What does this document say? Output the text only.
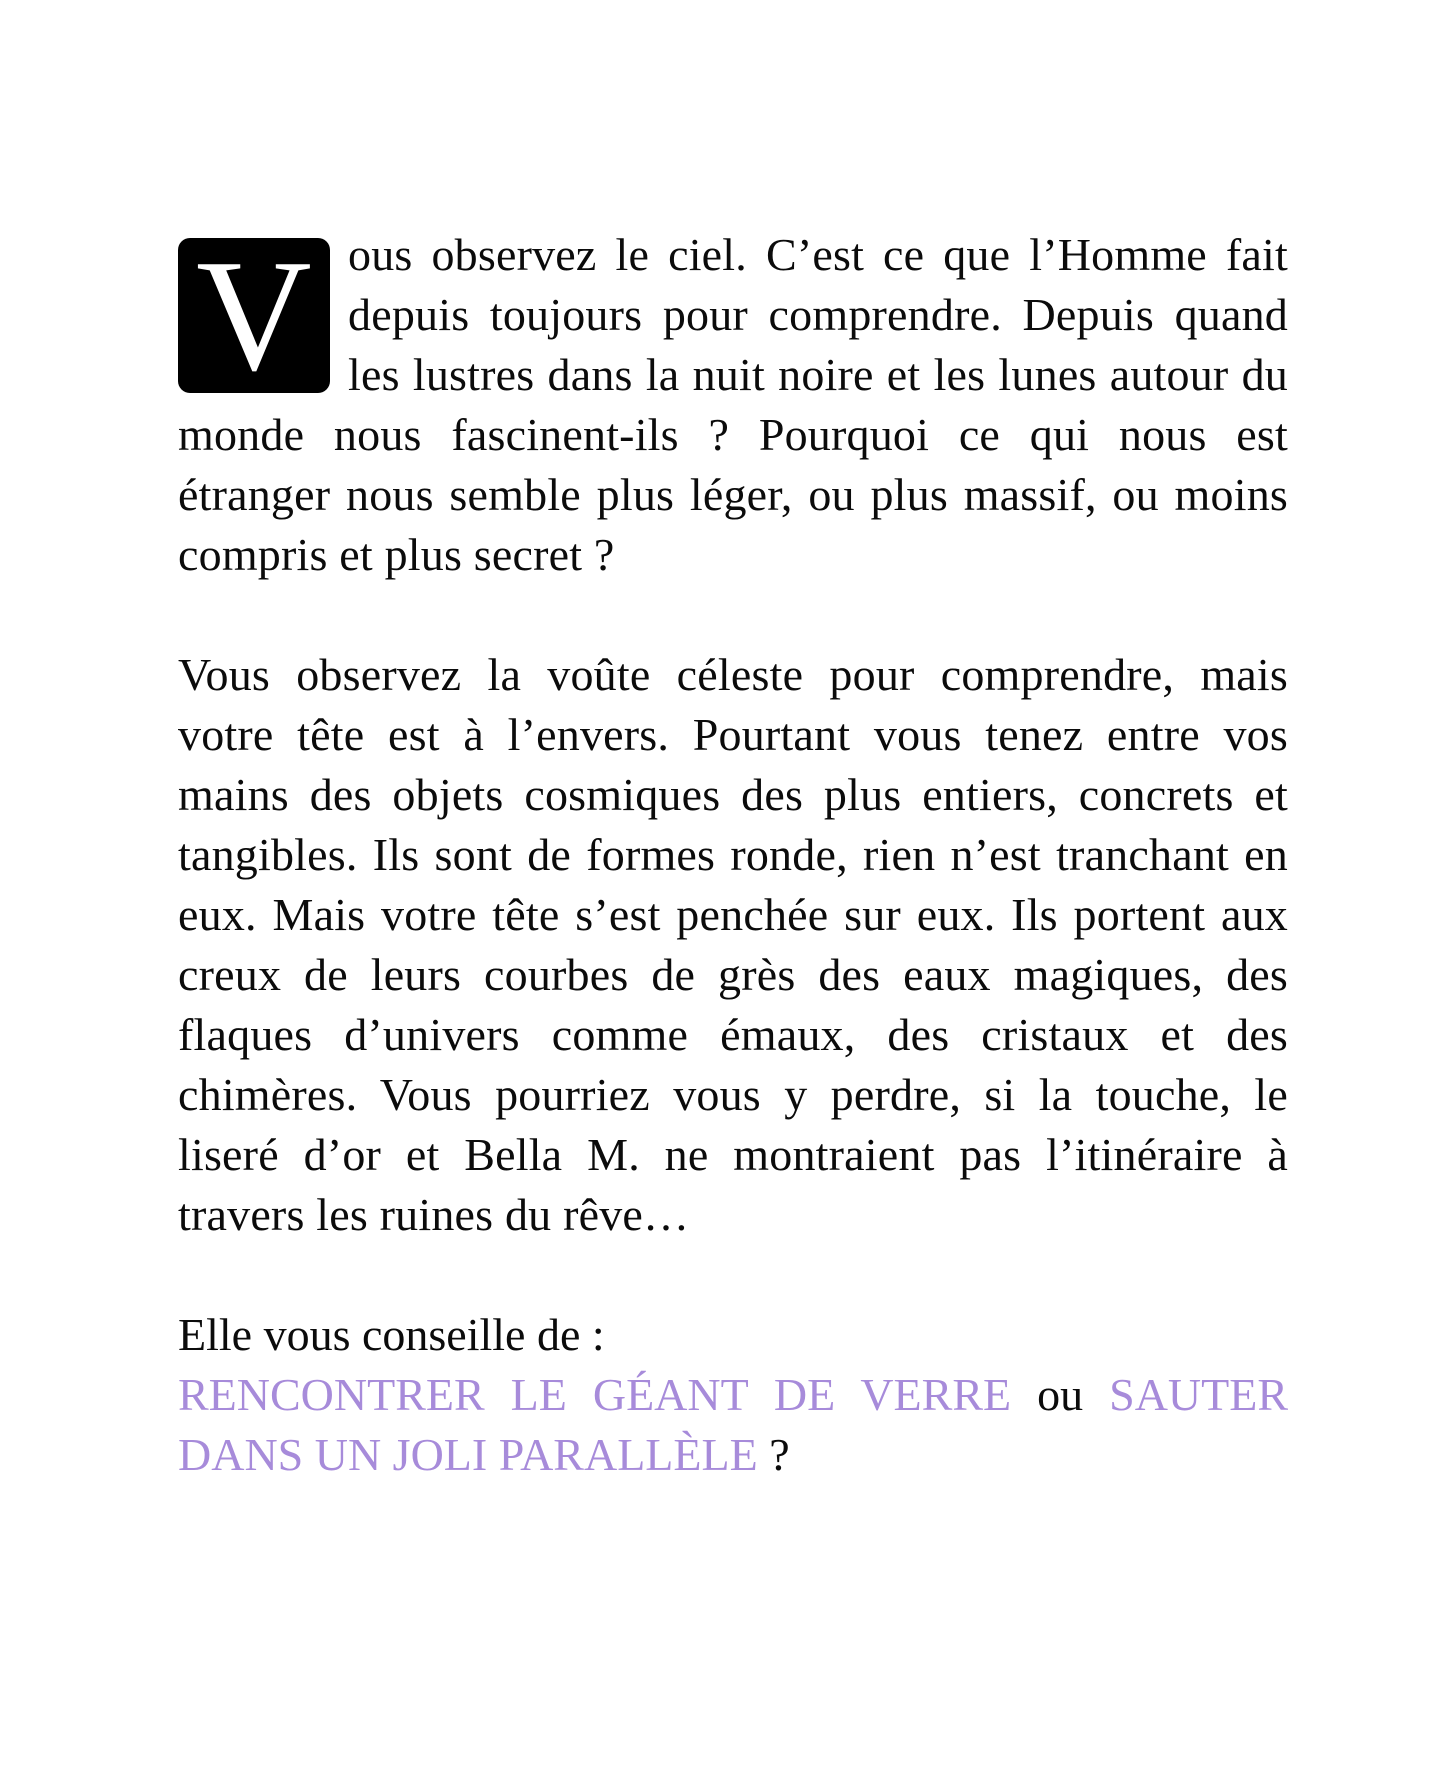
V ous observez le ciel. C’est ce que l’Homme fait depuis toujours pour comprendre. Depuis quand les lustres dans la nuit noire et les lunes autour du monde nous fascinent-ils ? Pourquoi ce qui nous est étranger nous semble plus léger, ou plus massif, ou moins compris et plus secret ?

Vous observez la voûte céleste pour comprendre, mais votre tête est à l’envers. Pourtant vous tenez entre vos mains des objets cosmiques des plus entiers, concrets et tangibles. Ils sont de formes ronde, rien n’est tranchant en eux. Mais votre tête s’est penchée sur eux. Ils portent aux creux de leurs courbes de grès des eaux magiques, des flaques d’univers comme émaux, des cristaux et des chimères. Vous pourriez vous y perdre, si la touche, le liseré d’or et Bella M. ne montraient pas l’itinéraire à travers les ruines du rêve…

Elle vous conseille de :

RENCONTRER LE GÉANT DE VERRE ou SAUTER DANS UN JOLI PARALLÈLE ?
